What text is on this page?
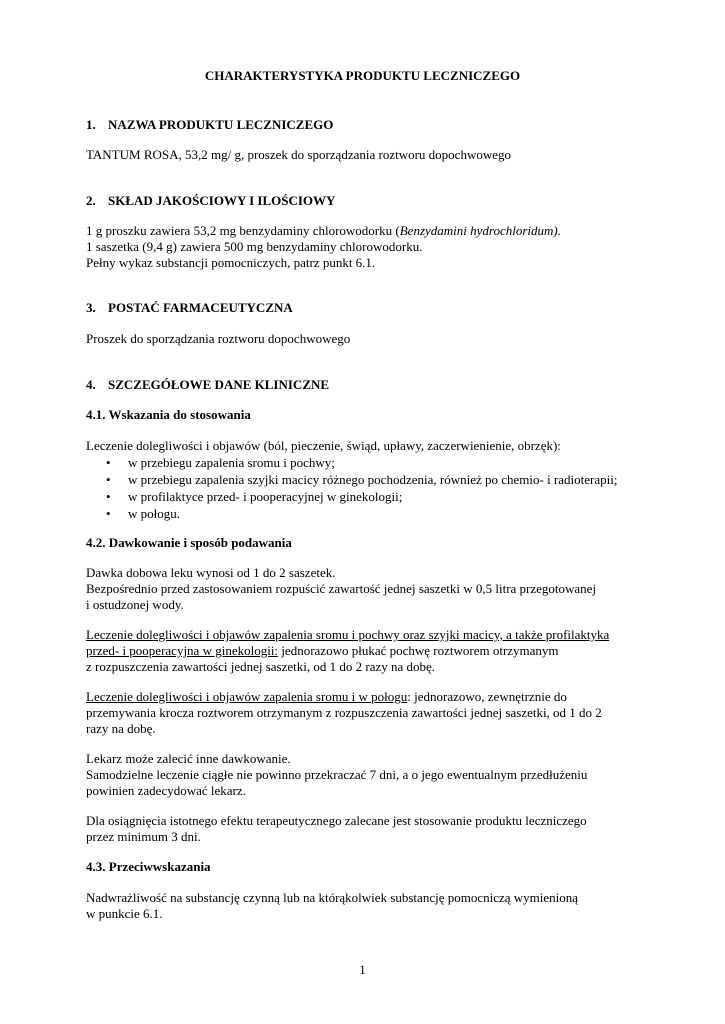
CHARAKTERYSTYKA PRODUKTU LECZNICZEGO
1. NAZWA PRODUKTU LECZNICZEGO
TANTUM ROSA, 53,2 mg/ g, proszek do sporządzania roztworu dopochwowego
2. SKŁAD JAKOŚCIOWY I ILOŚCIOWY
1 g proszku zawiera 53,2 mg benzydaminy chlorowodorku (Benzydamini hydrochloridum).
1 saszetka (9,4 g) zawiera 500 mg benzydaminy chlorowodorku.
Pełny wykaz substancji pomocniczych, patrz punkt 6.1.
3. POSTAĆ FARMACEUTYCZNA
Proszek do sporządzania roztworu dopochwowego
4. SZCZEGÓŁOWE DANE KLINICZNE
4.1. Wskazania do stosowania
Leczenie dolegliwości i objawów (ból, pieczenie, świąd, upławy, zaczerwienienie, obrzęk):
• w przebiegu zapalenia sromu i pochwy;
• w przebiegu zapalenia szyjki macicy różnego pochodzenia, również po chemio- i radioterapii;
• w profilaktyce przed- i pooperacyjnej w ginekologii;
• w połogu.
4.2. Dawkowanie i sposób podawania
Dawka dobowa leku wynosi od 1 do 2 saszetek.
Bezpośrednio przed zastosowaniem rozpuścić zawartość jednej saszetki w 0,5 litra przegotowanej
i ostudzonej wody.
Leczenie dolegliwości i objawów zapalenia sromu i pochwy oraz szyjki macicy, a także profilaktyka
przed- i pooperacyjna w ginekologii: jednorazowo płukać pochwę roztworem otrzymanym
z rozpuszczenia zawartości jednej saszetki, od 1 do 2 razy na dobę.
Leczenie dolegliwości i objawów zapalenia sromu i w połogu: jednorazowo, zewnętrznie do
przemywania krocza roztworem otrzymanym z rozpuszczenia zawartości jednej saszetki, od 1 do 2
razy na dobę.
Lekarz może zalecić inne dawkowanie.
Samodzielne leczenie ciągłe nie powinno przekraczać 7 dni, a o jego ewentualnym przedłużeniu
powinien zadecydować lekarz.
Dla osiągnięcia istotnego efektu terapeutycznego zalecane jest stosowanie produktu leczniczego
przez minimum 3 dni.
4.3. Przeciwwskazania
Nadwrażliwość na substancję czynną lub na którąkolwiek substancję pomocniczą wymienioną
w punkcie 6.1.
1
